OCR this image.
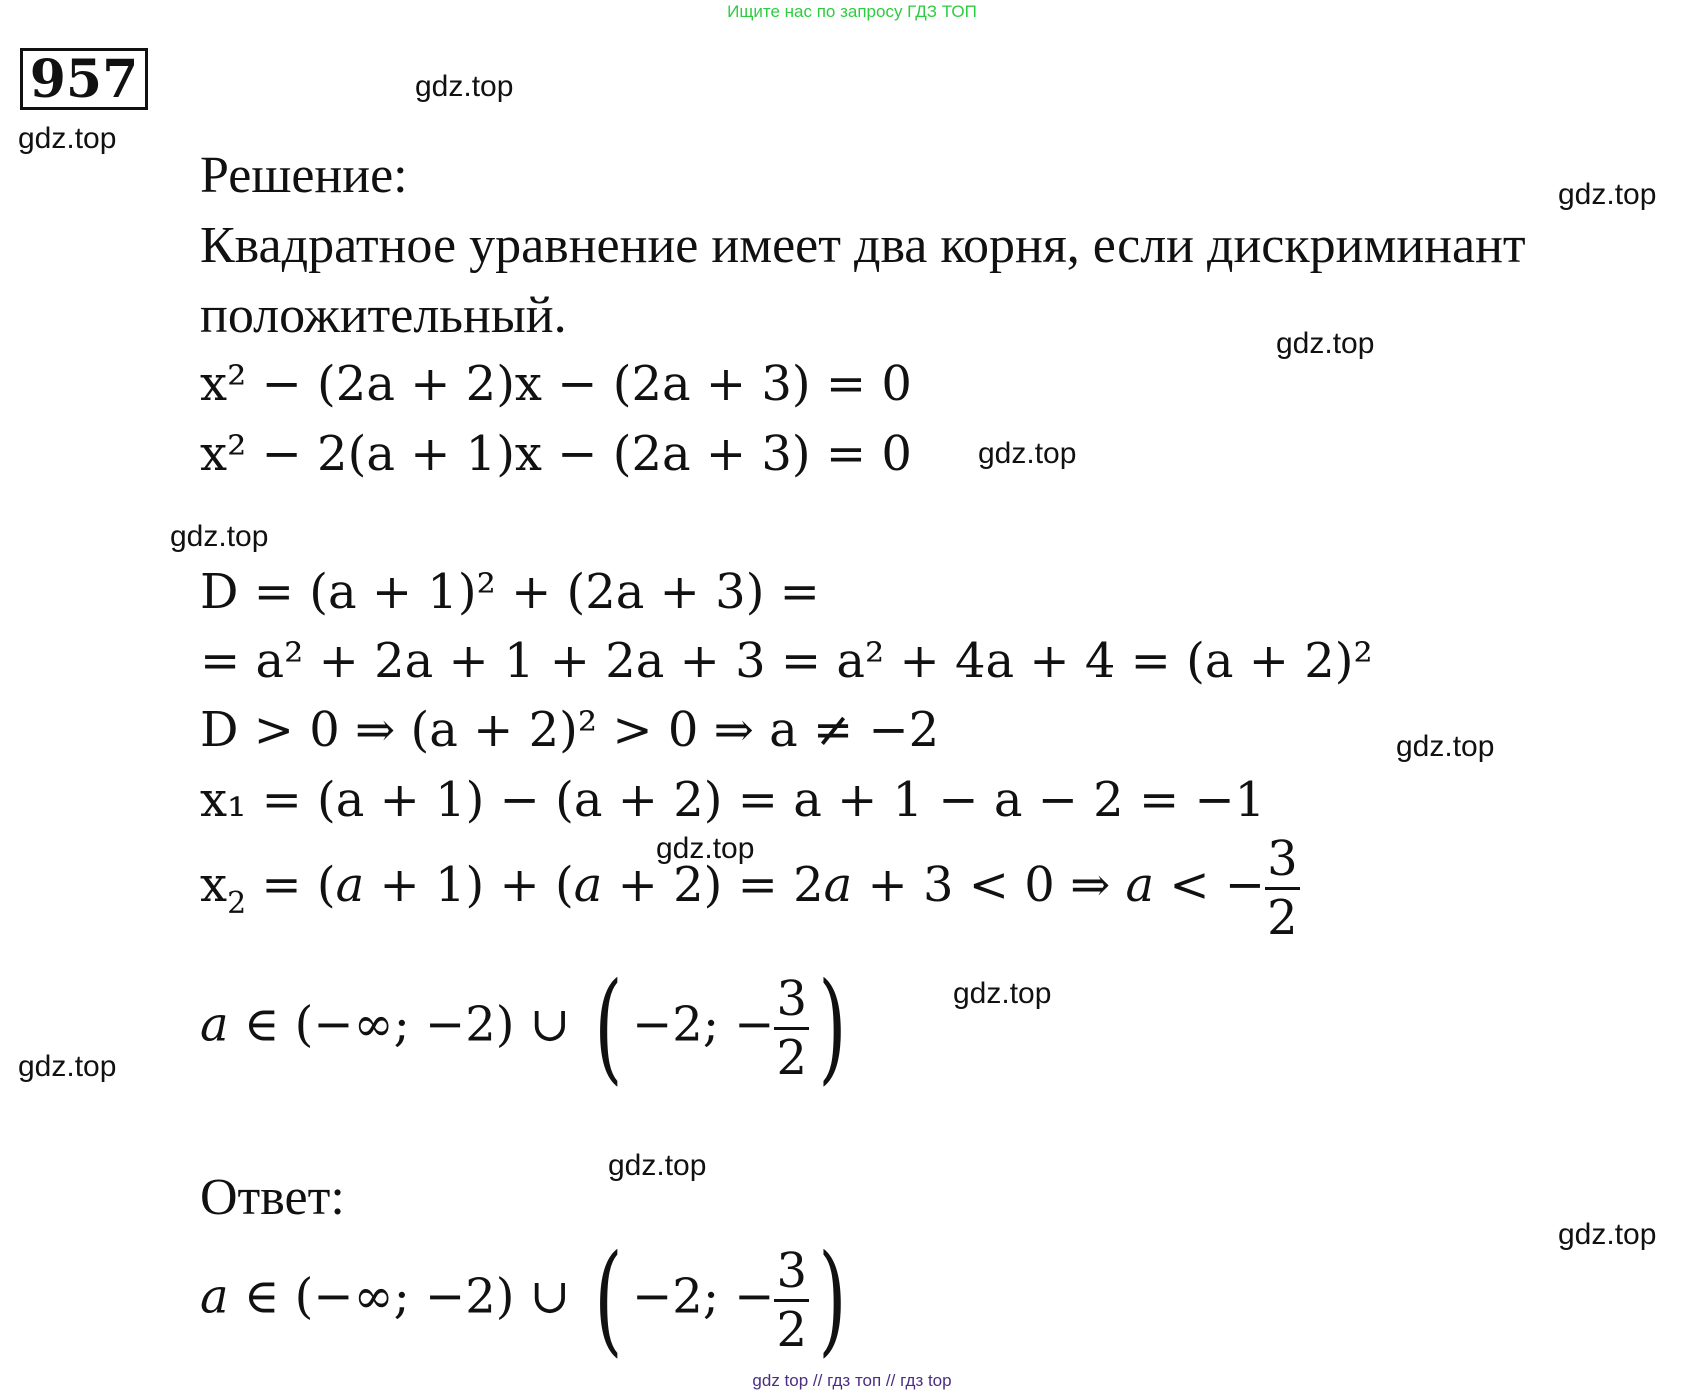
Ищите нас по запросу ГДЗ ТОП
957	gdz.top
gdz.top
gdz.top
gdz.top
gdz.top
gdz.top
gdz.top
gdz.top
gdz.top
gdz.top
gdz.top
gdz.top
Решение:
Квадратное уравнение имеет два корня, если дискриминант
положительный.
x² − (2a + 2)x − (2a + 3) = 0
x² − 2(a + 1)x − (2a + 3) = 0
D = (a + 1)² + (2a + 3) =
= a² + 2a + 1 + 2a + 3 = a² + 4a + 4 = (a + 2)²
D > 0 ⇒ (a + 2)² > 0 ⇒ a ≠ −2
x₁ = (a + 1) − (a + 2) = a + 1 − a − 2 = −1
$x_2 = (a + 1) + (a + 2) = 2a + 3 < 0$ ⇒ a < − $\frac{3}{2}$
a ∈ (−∞; −2) ∪ ( −2; − $\frac{3}{2}$ )
Ответ:
a ∈ (−∞; −2) ∪ ( −2; − $\frac{3}{2}$ )
gdz top // гдз топ // гдз top
